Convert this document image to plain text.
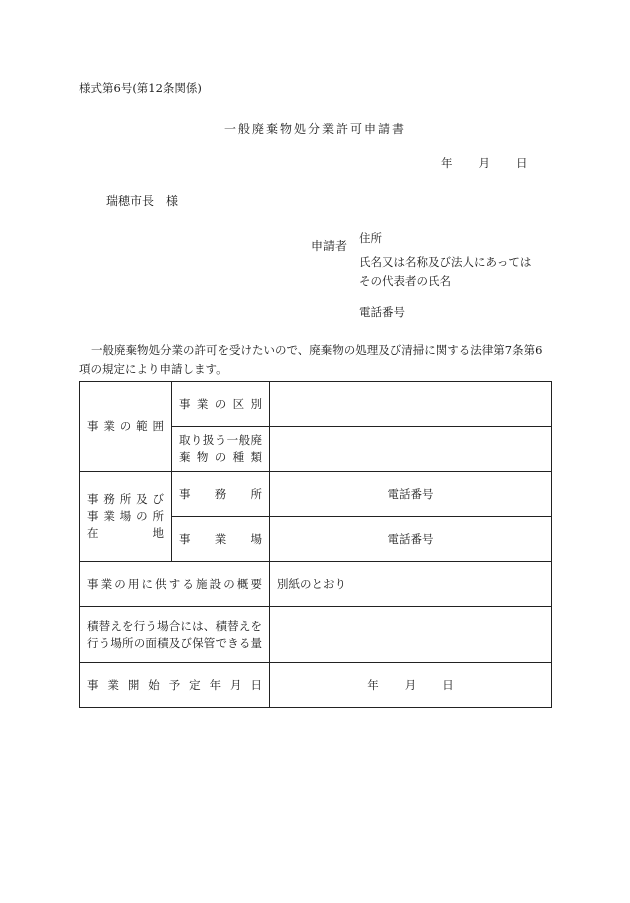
様式第6号(第12条関係)
一般廃棄物処分業許可申請書
年 月 日
瑞穂市長　様
申請者
住所
氏名又は名称及び法人にあっては
その代表者の氏名
電話番号
一般廃棄物処分業の許可を受けたいので、廃棄物の処理及び清掃に関する法律第7条第6項の規定により申請します。
事業の範囲	事業の区別	

	取り扱う一般廃
棄物の種類	

事務所及び
事業場の所
在地	事務所	電話番号
	事業場	電話番号
事業の用に供する施設の概要		別紙のとおり
積替えを行う場合には、積替えを行う場所の面積及び保管できる量		
事業開始予定年月日		年 月 日
